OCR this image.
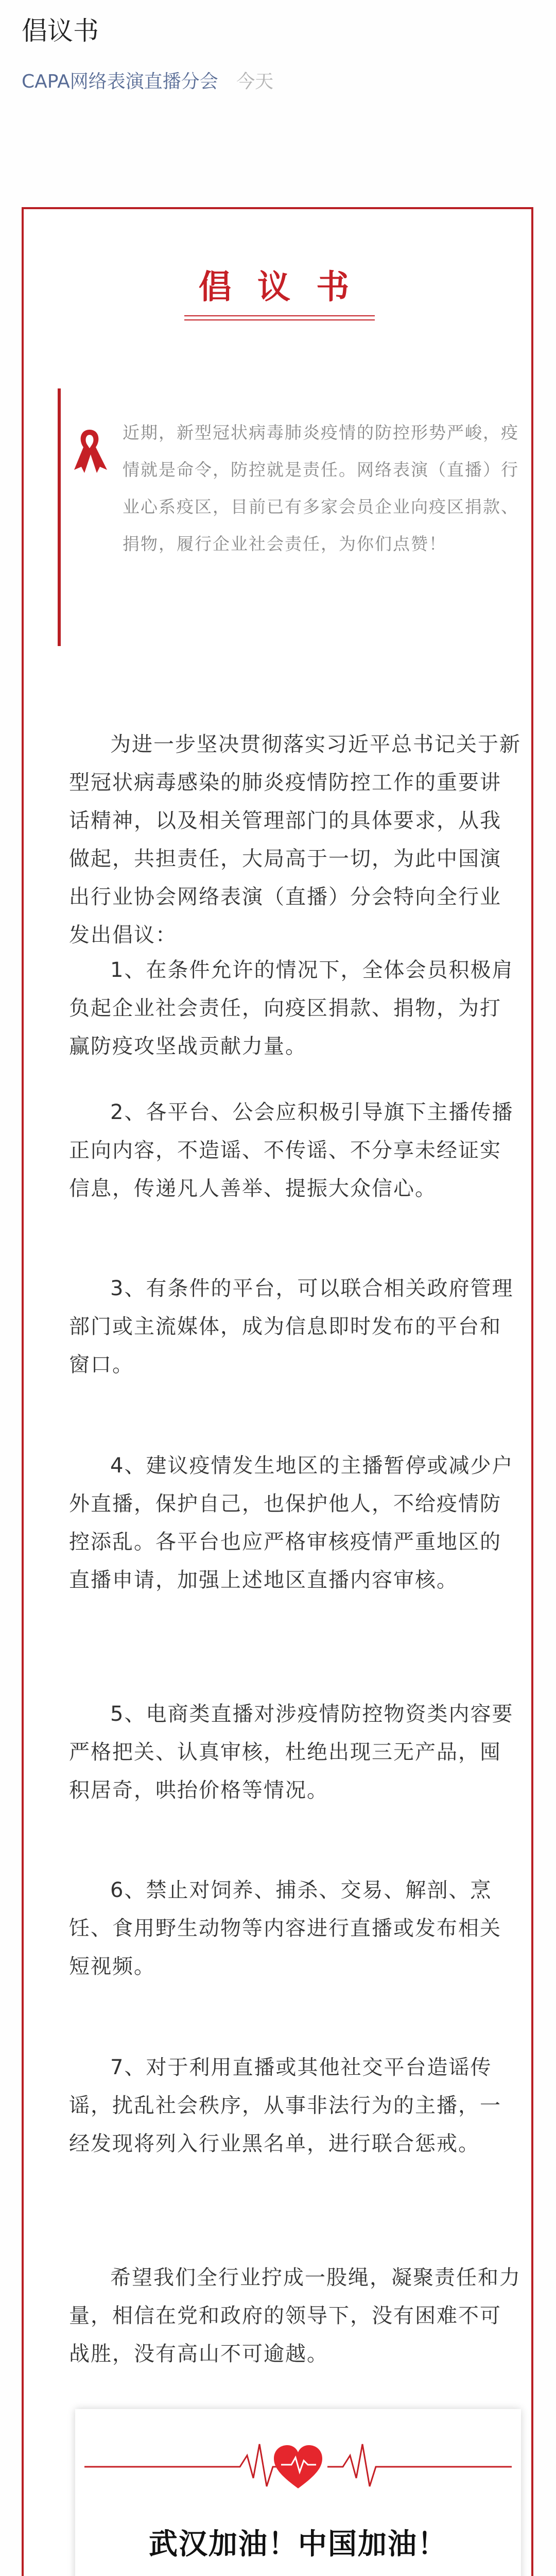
倡议书
CAPA网络表演直播分会 今天
倡 议 书

近期，新型冠状病毒肺炎疫情的防控形势严峻，疫情就是命令，防控就是责任。网络表演（直播）行业心系疫区，目前已有多家会员企业向疫区捐款、捐物，履行企业社会责任，为你们点赞！

为进一步坚决贯彻落实习近平总书记关于新型冠状病毒感染的肺炎疫情防控工作的重要讲话精神，以及相关管理部门的具体要求，从我做起，共担责任，大局高于一切，为此中国演出行业协会网络表演（直播）分会特向全行业发出倡议：

1、在条件允许的情况下，全体会员积极肩负起企业社会责任，向疫区捐款、捐物，为打赢防疫攻坚战贡献力量。

2、各平台、公会应积极引导旗下主播传播正向内容，不造谣、不传谣、不分享未经证实信息，传递凡人善举、提振大众信心。

3、有条件的平台，可以联合相关政府管理部门或主流媒体，成为信息即时发布的平台和窗口。

4、建议疫情发生地区的主播暂停或减少户外直播，保护自己，也保护他人，不给疫情防控添乱。各平台也应严格审核疫情严重地区的直播申请，加强上述地区直播内容审核。

5、电商类直播对涉疫情防控物资类内容要严格把关、认真审核，杜绝出现三无产品，囤积居奇，哄抬价格等情况。

6、禁止对饲养、捕杀、交易、解剖、烹饪、食用野生动物等内容进行直播或发布相关短视频。

7、对于利用直播或其他社交平台造谣传谣，扰乱社会秩序，从事非法行为的主播，一经发现将列入行业黑名单，进行联合惩戒。

希望我们全行业拧成一股绳，凝聚责任和力量，相信在党和政府的领导下，没有困难不可战胜，没有高山不可逾越。

武汉加油！中国加油！
